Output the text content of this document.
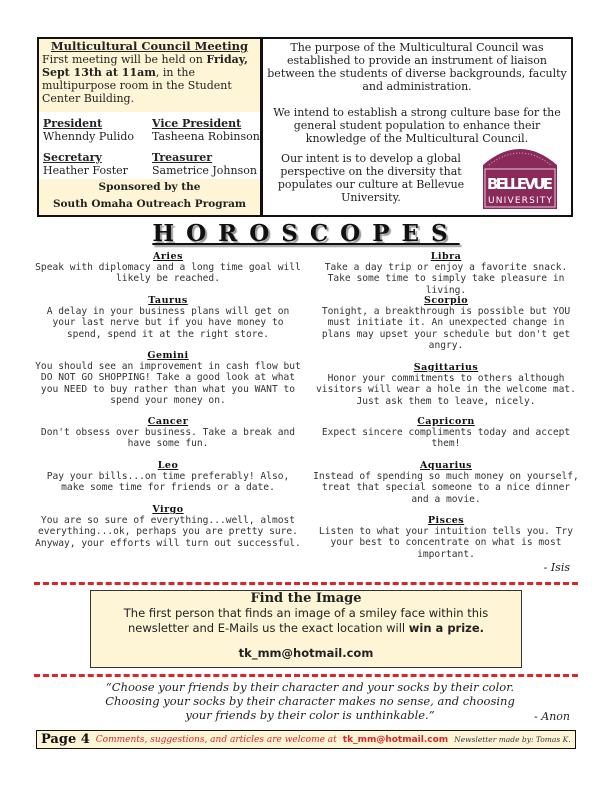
Multicultural Council Meeting
First meeting will be held on Friday, Sept 13th at 11am, in the multipurpose room in the Student Center Building.
President
Whenndy Pulido
Vice President
Tasheena Robinson
Secretary
Heather Foster
Treasurer
Sametrice Johnson
Sponsored by the
South Omaha Outreach Program

The purpose of the Multicultural Council was established to provide an instrument of liaison between the students of diverse backgrounds, faculty and administration.

We intend to establish a strong culture base for the general student population to enhance their knowledge of the Multicultural Council.

Our intent is to develop a global perspective on the diversity that populates our culture at Bellevue University.

BELLEVUE
UNIVERSITY
HOROSCOPES
Aries
Speak with diplomacy and a long time goal will likely be reached.
Taurus
A delay in your business plans will get on your last nerve but if you have money to spend, spend it at the right store.
Gemini
You should see an improvement in cash flow but DO NOT GO SHOPPING! Take a good look at what you NEED to buy rather than what you WANT to spend your money on.
Cancer
Don't obsess over business. Take a break and have some fun.
Leo
Pay your bills...on time preferably! Also, make some time for friends or a date.
Virgo
You are so sure of everything...well, almost everything...ok, perhaps you are pretty sure. Anyway, your efforts will turn out successful.
Libra
Take a day trip or enjoy a favorite snack. Take some time to simply take pleasure in living.
Scorpio
Tonight, a breakthrough is possible but YOU must initiate it. An unexpected change in plans may upset your schedule but don't get angry.
Sagittarius
Honor your commitments to others although visitors will wear a hole in the welcome mat. Just ask them to leave, nicely.
Capricorn
Expect sincere compliments today and accept them!
Aquarius
Instead of spending so much money on yourself, treat that special someone to a nice dinner and a movie.
Pisces
Listen to what your intuition tells you. Try your best to concentrate on what is most important.
- Isis
Find the Image
The first person that finds an image of a smiley face within this newsletter and E-Mails us the exact location will win a prize.
tk_mm@hotmail.com
“Choose your friends by their character and your socks by their color. Choosing your socks by their character makes no sense, and choosing your friends by their color is unthinkable.”	- Anon
Page 4 Comments, suggestions, and articles are welcome at tk_mm@hotmail.com Newsletter made by: Tomas K.
